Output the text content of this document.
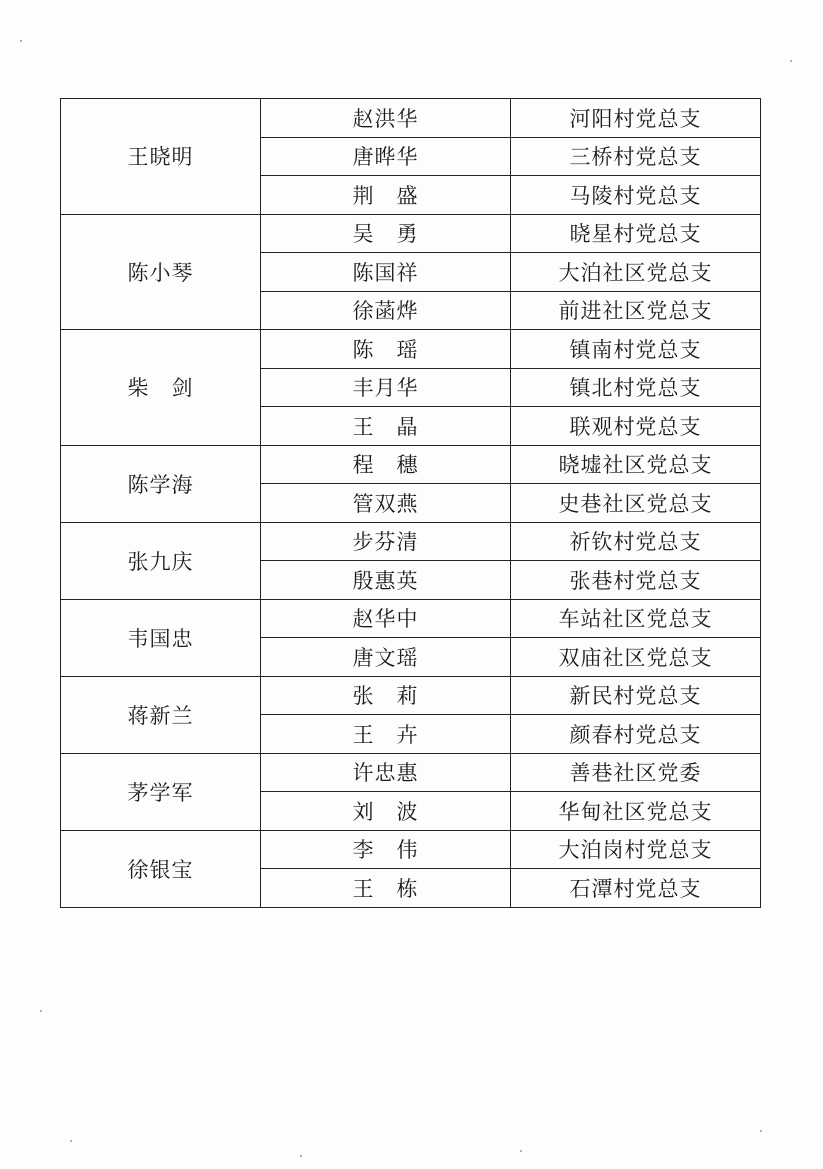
王晓明	赵洪华	河阳村党总支
	唐晔华	三桥村党总支
	荆　盛	马陵村党总支
陈小琴	吴　勇	晓星村党总支
	陈国祥	大泊社区党总支
	徐菡烨	前进社区党总支
柴　剑	陈　瑶	镇南村党总支
	丰月华	镇北村党总支
	王　晶	联观村党总支
陈学海	程　穗	晓墟社区党总支
	管双燕	史巷社区党总支
张九庆	步芬清	祈钦村党总支
	殷惠英	张巷村党总支
韦国忠	赵华中	车站社区党总支
	唐文瑶	双庙社区党总支
蒋新兰	张　莉	新民村党总支
	王　卉	颜春村党总支
茅学军	许忠惠	善巷社区党委
	刘　波	华甸社区党总支
徐银宝	李　伟	大泊岗村党总支
	王　栋	石潭村党总支
